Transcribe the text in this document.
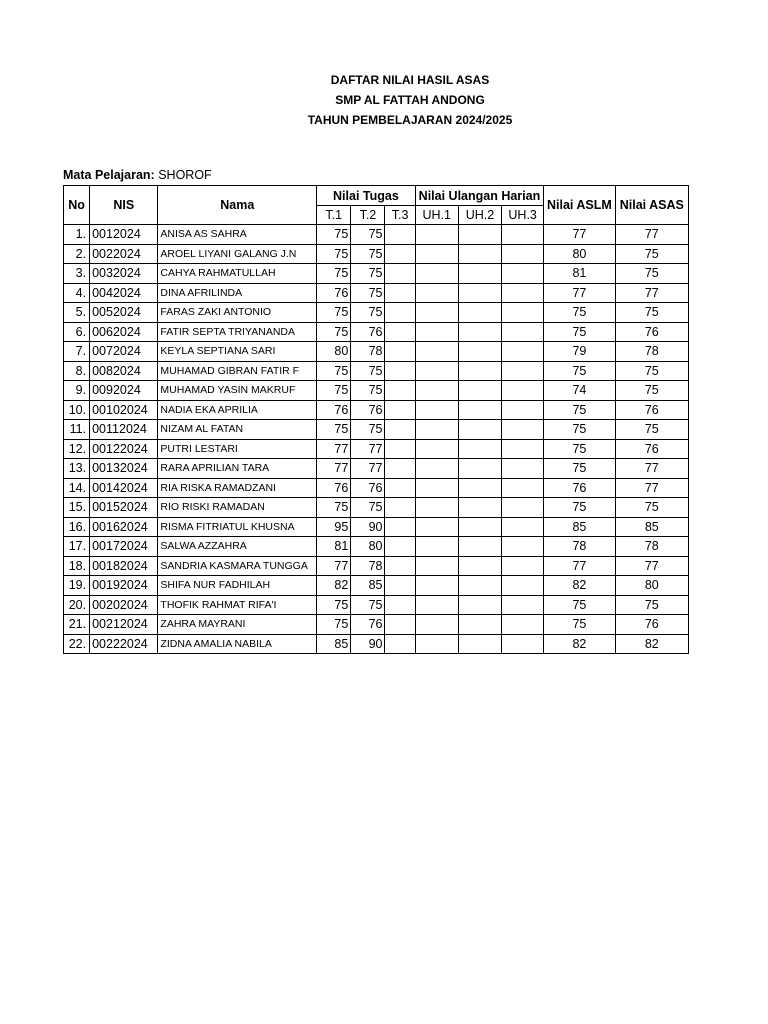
DAFTAR NILAI HASIL ASAS
SMP AL FATTAH ANDONG
TAHUN PEMBELAJARAN 2024/2025
Mata Pelajaran: SHOROF
No	NIS	Nama	Nilai Tugas			Nilai Ulangan Harian			Nilai ASLM	Nilai ASAS
			T.1	T.2	T.3	UH.1	UH.2	UH.3		
1.	0012024	ANISA AS SAHRA	75	75					77	77
2.	0022024	AROEL LIYANI GALANG J.N	75	75					80	75
3.	0032024	CAHYA RAHMATULLAH	75	75					81	75
4.	0042024	DINA AFRILINDA	76	75					77	77
5.	0052024	FARAS ZAKI ANTONIO	75	75					75	75
6.	0062024	FATIR SEPTA TRIYANANDA	75	76					75	76
7.	0072024	KEYLA SEPTIANA SARI	80	78					79	78
8.	0082024	MUHAMAD GIBRAN FATIR F	75	75					75	75
9.	0092024	MUHAMAD YASIN MAKRUF	75	75					74	75
10.	00102024	NADIA EKA APRILIA	76	76					75	76
11.	00112024	NIZAM AL FATAN	75	75					75	75
12.	00122024	PUTRI LESTARI	77	77					75	76
13.	00132024	RARA APRILIAN TARA	77	77					75	77
14.	00142024	RIA RISKA RAMADZANI	76	76					76	77
15.	00152024	RIO RISKI RAMADAN	75	75					75	75
16.	00162024	RISMA FITRIATUL KHUSNA	95	90					85	85
17.	00172024	SALWA AZZAHRA	81	80					78	78
18.	00182024	SANDRIA KASMARA TUNGGA	77	78					77	77
19.	00192024	SHIFA NUR FADHILAH	82	85					82	80
20.	00202024	THOFIK RAHMAT RIFA'I	75	75					75	75
21.	00212024	ZAHRA MAYRANI	75	76					75	76
22.	00222024	ZIDNA AMALIA NABILA	85	90					82	82
